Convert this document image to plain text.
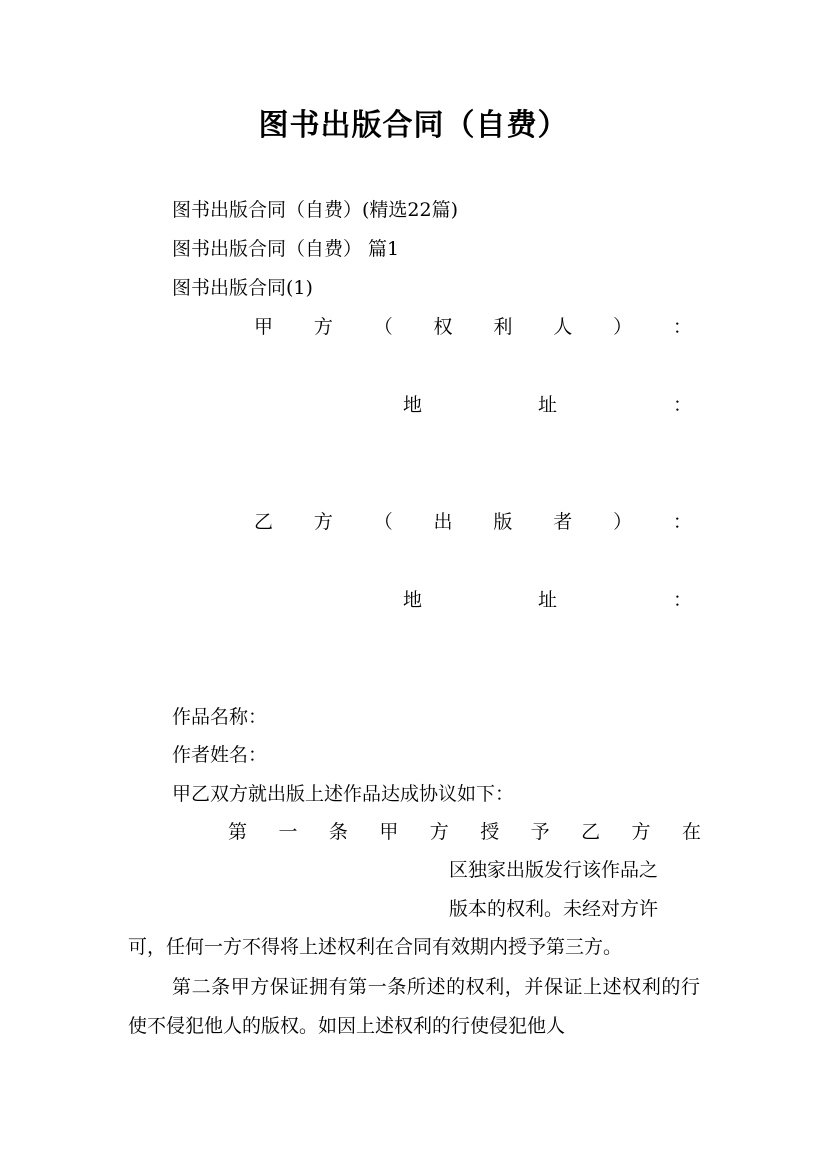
图书出版合同（自费）
图书出版合同（自费）(精选22篇)
图书出版合同（自费） 篇1
图书出版合同(1)
甲 方 （ 权 利 人 ） ：
地	址	：
乙 方 （ 出 版 者 ） ：
地	址	：
作品名称：
作者姓名：
甲乙双方就出版上述作品达成协议如下：
第 一 条 甲 方 授 予 乙 方 在
区独家出版发行该作品之
版本的权利。未经对方许
可，任何一方不得将上述权利在合同有效期内授予第三方。
第二条甲方保证拥有第一条所述的权利，并保证上述权利的行使不侵犯他人的版权。如因上述权利的行使侵犯他人
